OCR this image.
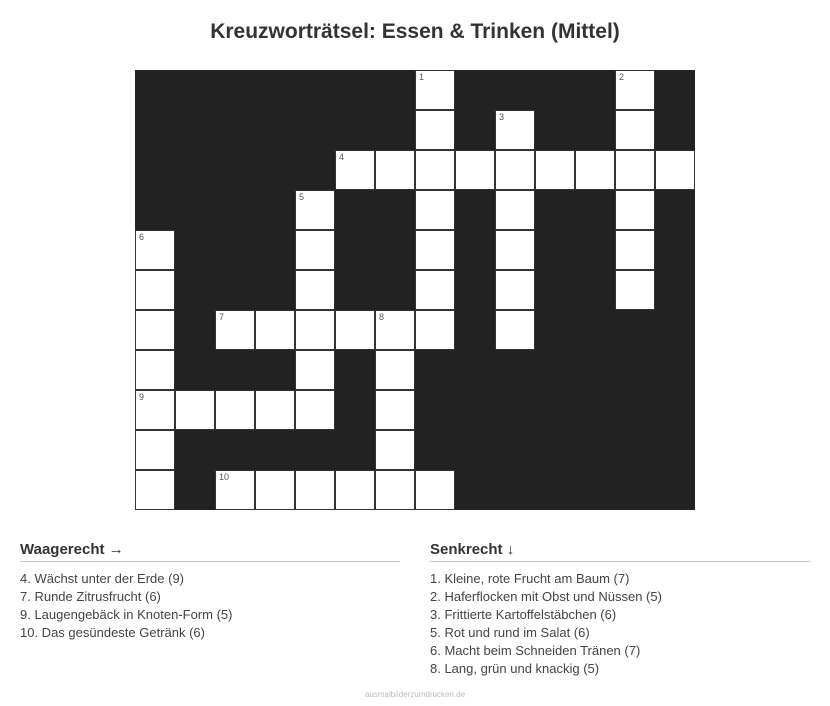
Kreuzworträtsel: Essen & Trinken (Mittel)
1	2
3
4
5
6
7	8
9
10
Waagerecht →
4. Wächst unter der Erde (9)
7. Runde Zitrusfrucht (6)
9. Laugengebäck in Knoten-Form (5)
10. Das gesündeste Getränk (6)
Senkrecht ↓
1. Kleine, rote Frucht am Baum (7)
2. Haferflocken mit Obst und Nüssen (5)
3. Frittierte Kartoffelstäbchen (6)
5. Rot und rund im Salat (6)
6. Macht beim Schneiden Tränen (7)
8. Lang, grün und knackig (5)
ausmalbilderzumdrucken.de
